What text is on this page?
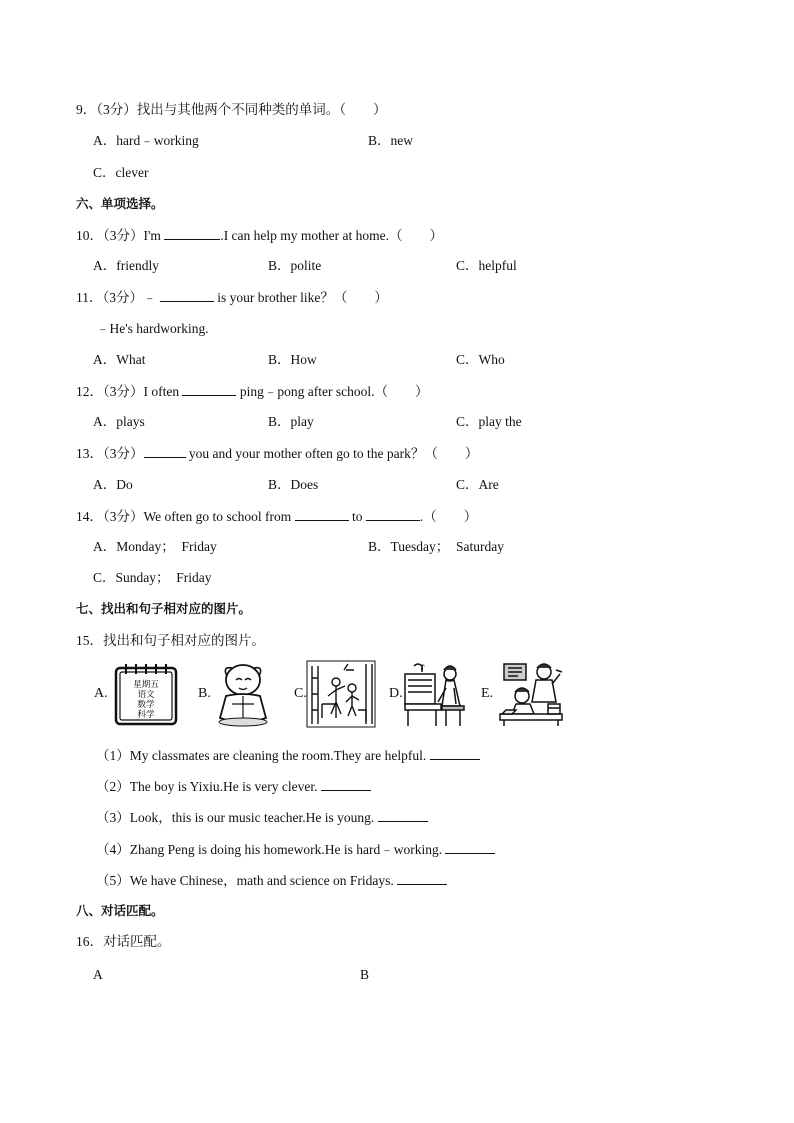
9．（3分）找出与其他两个不同种类的单词。（　　）
A．hard﹣working	B．new
C．clever
六、单项选择。
10．（3分）I'm	.I can help my mother at home.（　　）
A．friendly	B．polite	C．helpful
11．（3分）﹣	is your brother like？（　　）
﹣He's hardworking.
A．What	B．How	C．Who
12．（3分）I often	ping﹣pong after school.（　　）
A．plays	B．play	C．play the
13．（3分）	you and your mother often go to the park？（　　）
A．Do	B．Does	C．Are
14．（3分）We often go to school from	to	.（　　）
A．Monday；　Friday	B．Tuesday；　Saturday
C．Sunday；　Friday
七、找出和句子相对应的图片。
15．找出和句子相对应的图片。
A.
星期五
语文
数学
科学
B.	C.	D.
♪
E.
（1）My classmates are cleaning the room.They are helpful.
（2）The boy is Yixiu.He is very clever.
（3）Look，this is our music teacher.He is young.
（4）Zhang Peng is doing his homework.He is hard﹣working.
（5）We have Chinese，math and science on Fridays.
八、对话匹配。
16．对话匹配。
A	B
